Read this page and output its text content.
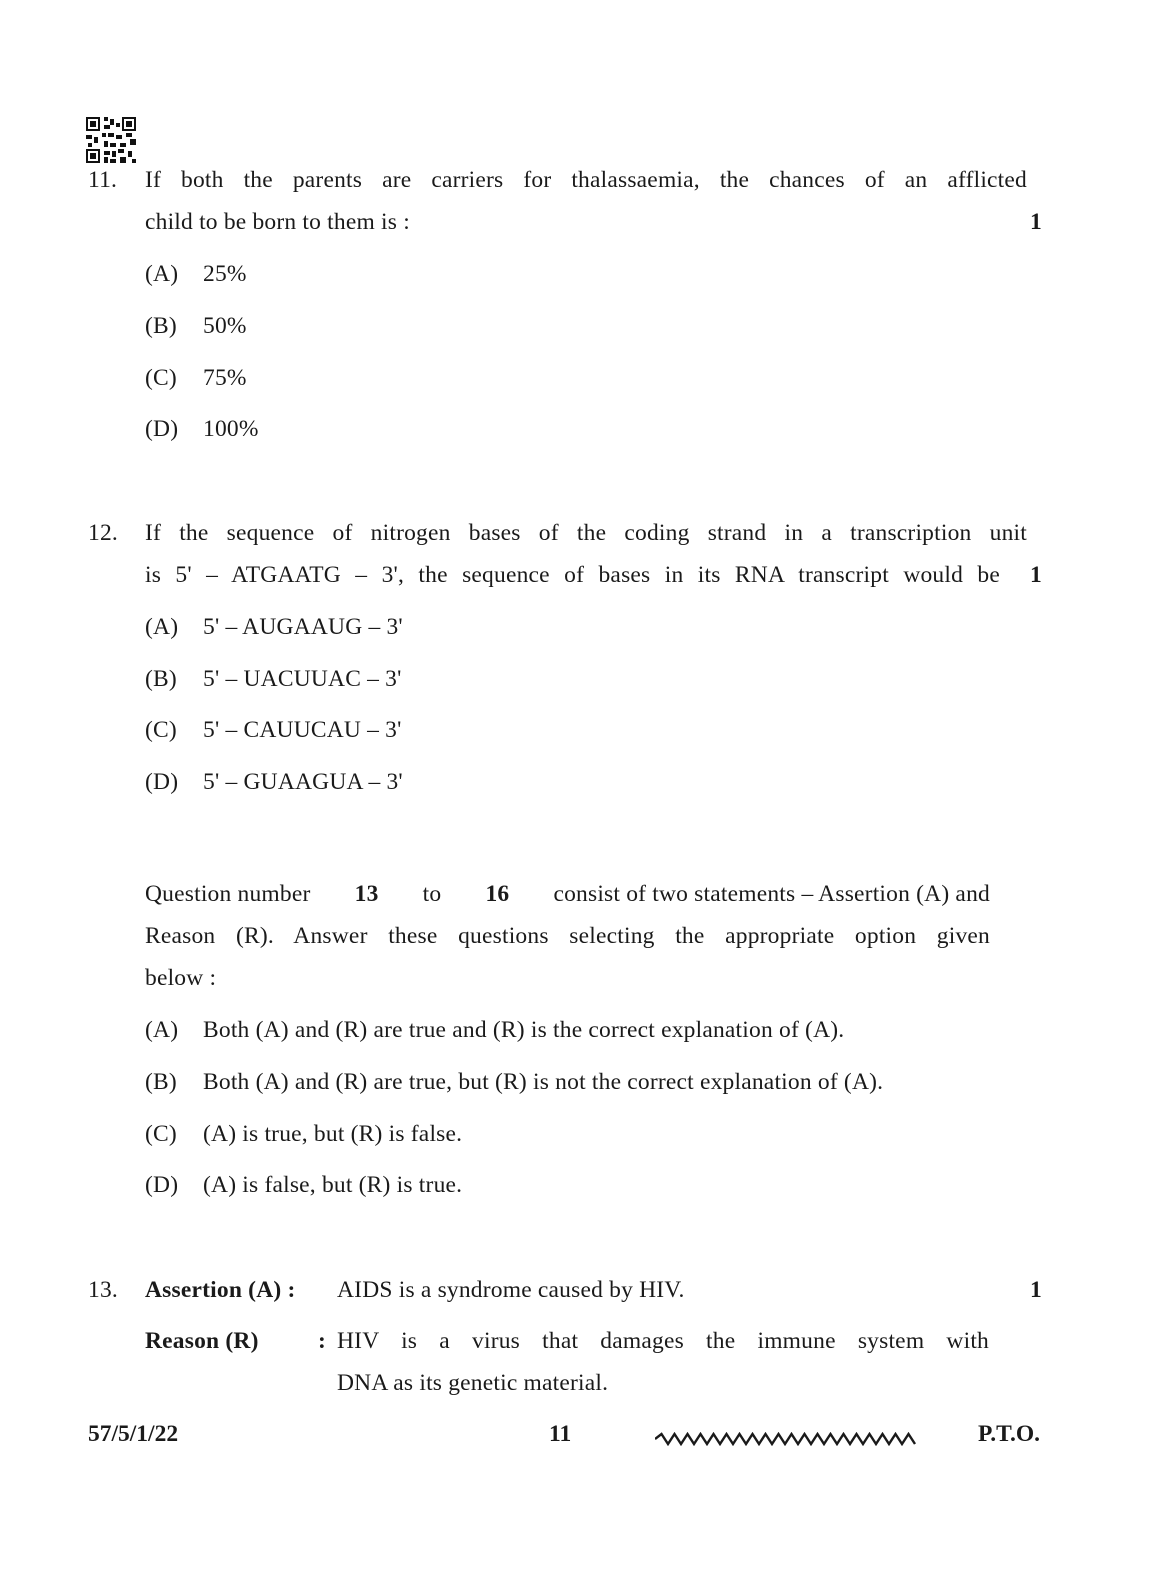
11. If both the parents are carriers for thalassaemia, the chances of an afflicted
child to be born to them is :	1
(A) 25%
(B) 50%
(C) 75%
(D) 100%
12. If the sequence of nitrogen bases of the coding strand in a transcription unit
is 5' – ATGAATG – 3', the sequence of bases in its RNA transcript would be 1
(A) 5' – AUGAAUG – 3'
(B) 5' – UACUUAC – 3'
(C) 5' – CAUUCAU – 3'
(D) 5' – GUAAGUA – 3'
Question number 13 to 16 consist of two statements – Assertion (A) and
Reason (R). Answer these questions selecting the appropriate option given
below :
(A) Both (A) and (R) are true and (R) is the correct explanation of (A).
(B) Both (A) and (R) are true, but (R) is not the correct explanation of (A).
(C) (A) is true, but (R) is false.
(D) (A) is false, but (R) is true.
13. Assertion (A) : AIDS is a syndrome caused by HIV.	1
Reason (R)	: HIV is a virus that damages the immune system with
DNA as its genetic material.
57/5/1/22	11	P.T.O.
